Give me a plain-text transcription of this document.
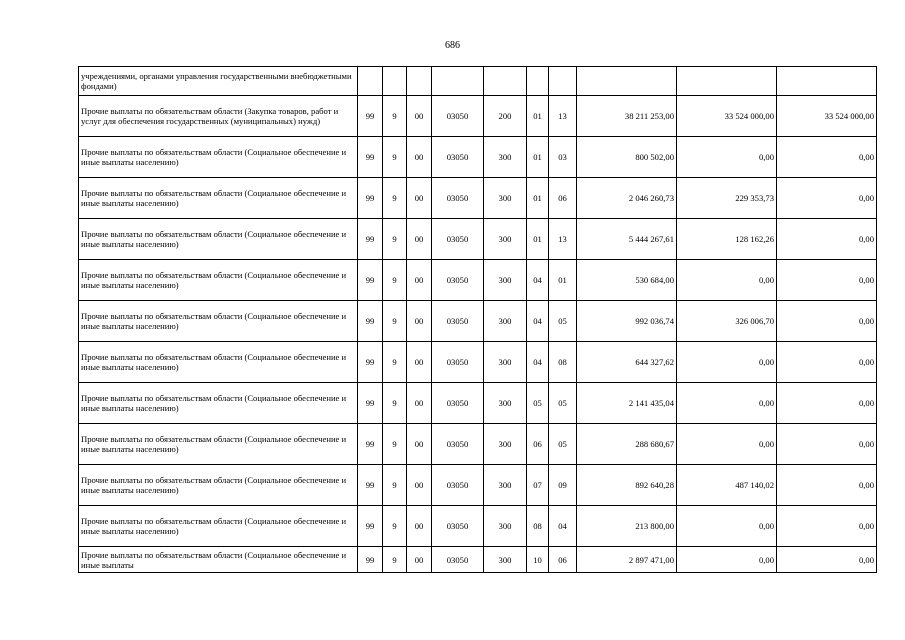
686
учреждениями, органами управления государственными внебюджетными фондами)										
Прочие выплаты по обязательствам области (Закупка товаров, работ и услуг для обеспечения государственных (муниципальных) нужд)	99	9	00	03050	200	01	13	38 211 253,00	33 524 000,00	33 524 000,00
Прочие выплаты по обязательствам области (Социальное обеспечение и иные выплаты населению)	99	9	00	03050	300	01	03	800 502,00	0,00	0,00
Прочие выплаты по обязательствам области (Социальное обеспечение и иные выплаты населению)	99	9	00	03050	300	01	06	2 046 260,73	229 353,73	0,00
Прочие выплаты по обязательствам области (Социальное обеспечение и иные выплаты населению)	99	9	00	03050	300	01	13	5 444 267,61	128 162,26	0,00
Прочие выплаты по обязательствам области (Социальное обеспечение и иные выплаты населению)	99	9	00	03050	300	04	01	530 684,00	0,00	0,00
Прочие выплаты по обязательствам области (Социальное обеспечение и иные выплаты населению)	99	9	00	03050	300	04	05	992 036,74	326 006,70	0,00
Прочие выплаты по обязательствам области (Социальное обеспечение и иные выплаты населению)	99	9	00	03050	300	04	08	644 327,62	0,00	0,00
Прочие выплаты по обязательствам области (Социальное обеспечение и иные выплаты населению)	99	9	00	03050	300	05	05	2 141 435,04	0,00	0,00
Прочие выплаты по обязательствам области (Социальное обеспечение и иные выплаты населению)	99	9	00	03050	300	06	05	288 680,67	0,00	0,00
Прочие выплаты по обязательствам области (Социальное обеспечение и иные выплаты населению)	99	9	00	03050	300	07	09	892 640,28	487 140,02	0,00
Прочие выплаты по обязательствам области (Социальное обеспечение и иные выплаты населению)	99	9	00	03050	300	08	04	213 800,00	0,00	0,00
Прочие выплаты по обязательствам области (Социальное обеспечение и иные выплаты	99	9	00	03050	300	10	06	2 897 471,00	0,00	0,00
